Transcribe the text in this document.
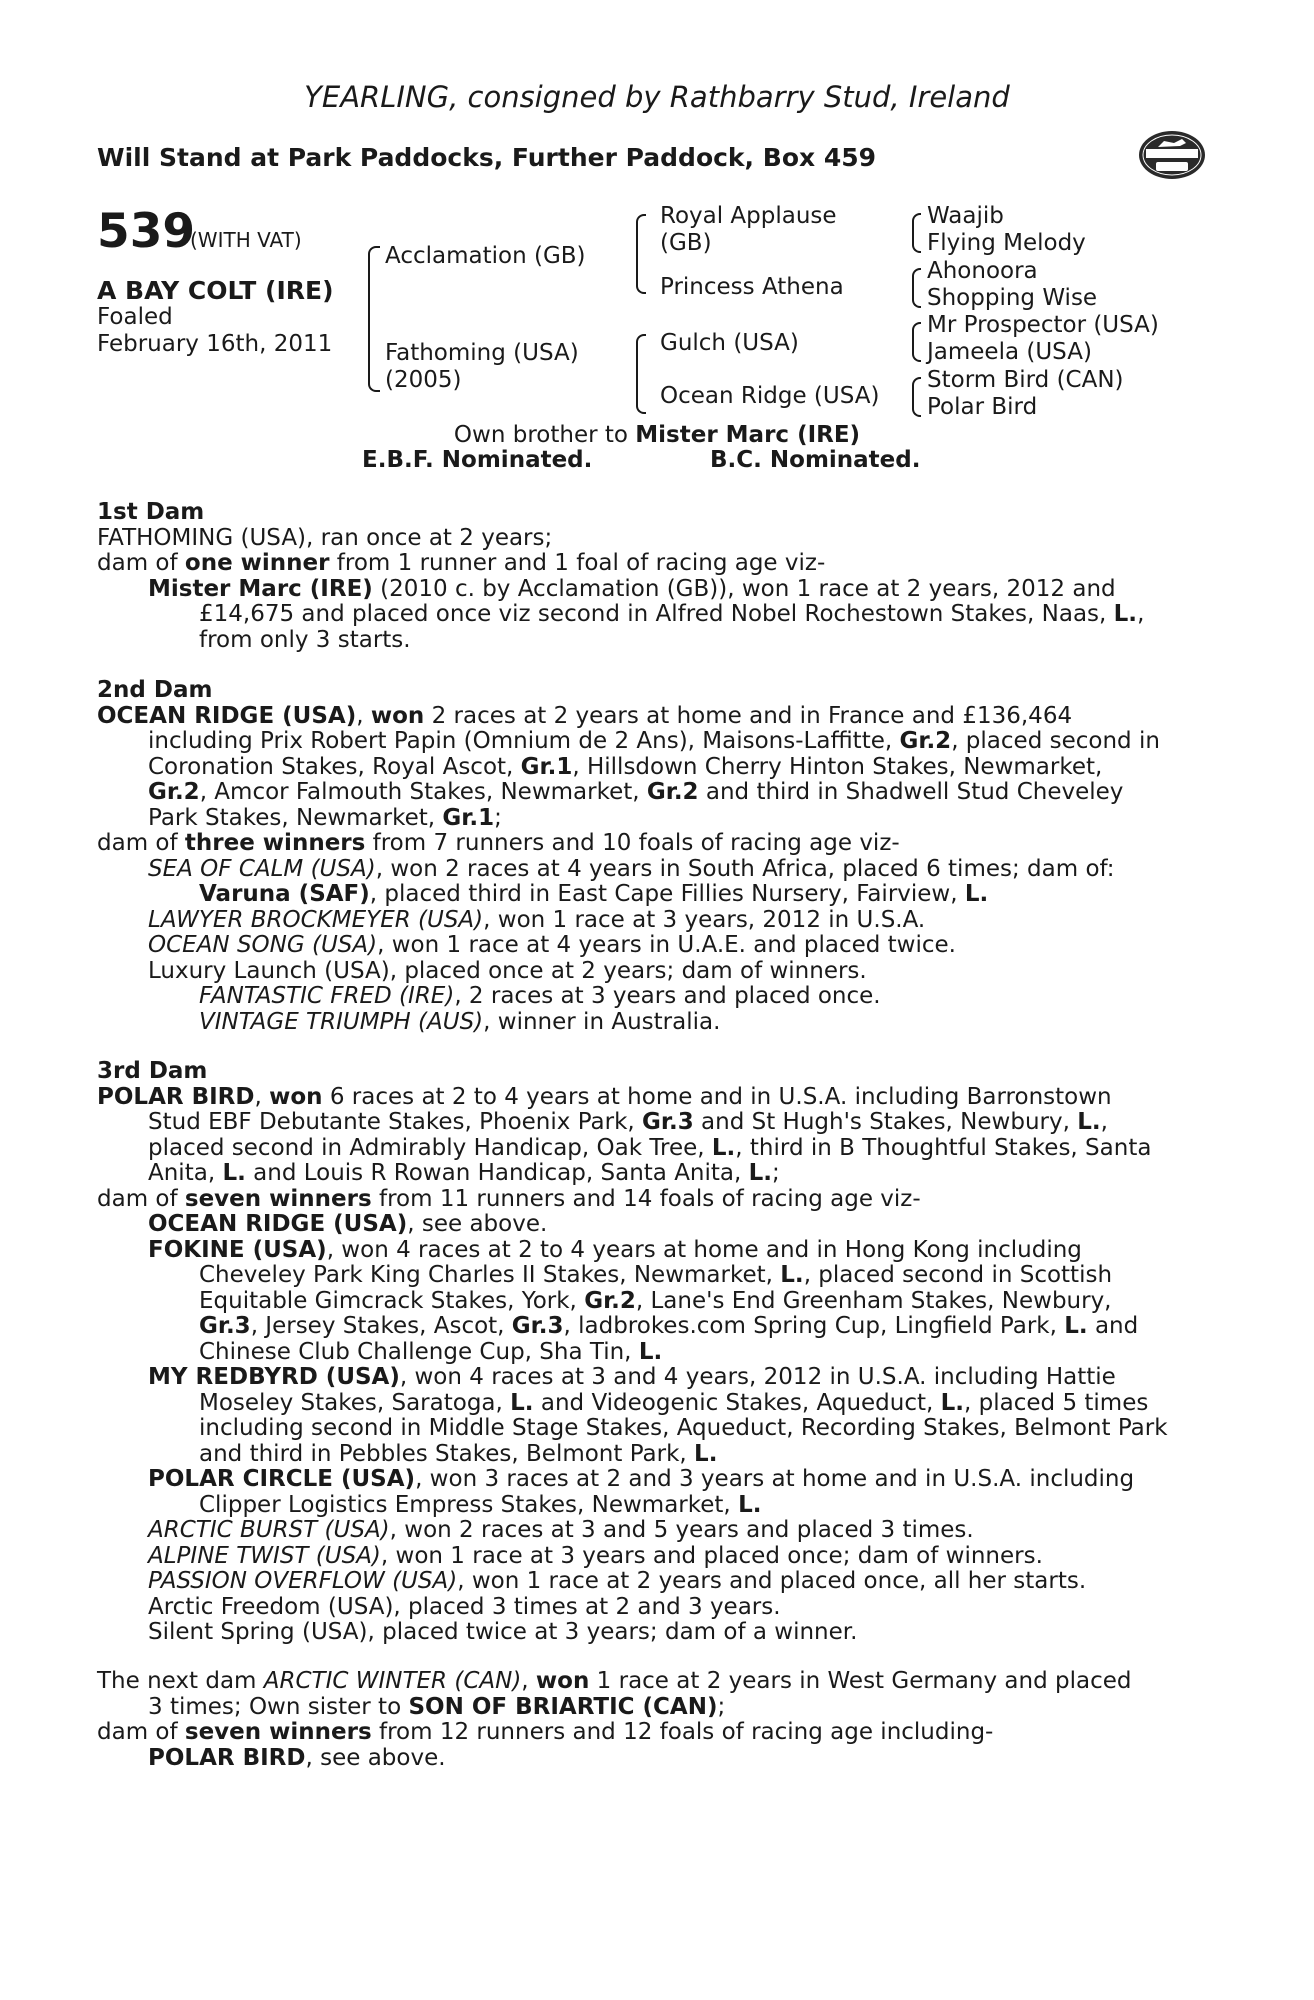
YEARLING, consigned by Rathbarry Stud, Ireland
Will Stand at Park Paddocks, Further Paddock, Box 459
539
(WITH VAT)
A BAY COLT (IRE)
Foaled
February 16th, 2011
Acclamation (GB)
Fathoming (USA)
(2005)
Royal Applause
(GB)
Princess Athena
Gulch (USA)
Ocean Ridge (USA)
Waajib
Flying Melody
Ahonoora
Shopping Wise
Mr Prospector (USA)
Jameela (USA)
Storm Bird (CAN)
Polar Bird
Own brother to Mister Marc (IRE)
E.B.F. Nominated.	B.C. Nominated.
1st Dam
FATHOMING (USA), ran once at 2 years;
dam of one winner from 1 runner and 1 foal of racing age viz-
Mister Marc (IRE) (2010 c. by Acclamation (GB)), won 1 race at 2 years, 2012 and
£14,675 and placed once viz second in Alfred Nobel Rochestown Stakes, Naas, L.,
from only 3 starts.
2nd Dam
OCEAN RIDGE (USA), won 2 races at 2 years at home and in France and £136,464
including Prix Robert Papin (Omnium de 2 Ans), Maisons-Laffitte, Gr.2, placed second in
Coronation Stakes, Royal Ascot, Gr.1, Hillsdown Cherry Hinton Stakes, Newmarket,
Gr.2, Amcor Falmouth Stakes, Newmarket, Gr.2 and third in Shadwell Stud Cheveley
Park Stakes, Newmarket, Gr.1;
dam of three winners from 7 runners and 10 foals of racing age viz-
SEA OF CALM (USA), won 2 races at 4 years in South Africa, placed 6 times; dam of:
Varuna (SAF), placed third in East Cape Fillies Nursery, Fairview, L.
LAWYER BROCKMEYER (USA), won 1 race at 3 years, 2012 in U.S.A.
OCEAN SONG (USA), won 1 race at 4 years in U.A.E. and placed twice.
Luxury Launch (USA), placed once at 2 years; dam of winners.
FANTASTIC FRED (IRE), 2 races at 3 years and placed once.
VINTAGE TRIUMPH (AUS), winner in Australia.
3rd Dam
POLAR BIRD, won 6 races at 2 to 4 years at home and in U.S.A. including Barronstown
Stud EBF Debutante Stakes, Phoenix Park, Gr.3 and St Hugh's Stakes, Newbury, L.,
placed second in Admirably Handicap, Oak Tree, L., third in B Thoughtful Stakes, Santa
Anita, L. and Louis R Rowan Handicap, Santa Anita, L.;
dam of seven winners from 11 runners and 14 foals of racing age viz-
OCEAN RIDGE (USA), see above.
FOKINE (USA), won 4 races at 2 to 4 years at home and in Hong Kong including
Cheveley Park King Charles II Stakes, Newmarket, L., placed second in Scottish
Equitable Gimcrack Stakes, York, Gr.2, Lane's End Greenham Stakes, Newbury,
Gr.3, Jersey Stakes, Ascot, Gr.3, ladbrokes.com Spring Cup, Lingfield Park, L. and
Chinese Club Challenge Cup, Sha Tin, L.
MY REDBYRD (USA), won 4 races at 3 and 4 years, 2012 in U.S.A. including Hattie
Moseley Stakes, Saratoga, L. and Videogenic Stakes, Aqueduct, L., placed 5 times
including second in Middle Stage Stakes, Aqueduct, Recording Stakes, Belmont Park
and third in Pebbles Stakes, Belmont Park, L.
POLAR CIRCLE (USA), won 3 races at 2 and 3 years at home and in U.S.A. including
Clipper Logistics Empress Stakes, Newmarket, L.
ARCTIC BURST (USA), won 2 races at 3 and 5 years and placed 3 times.
ALPINE TWIST (USA), won 1 race at 3 years and placed once; dam of winners.
PASSION OVERFLOW (USA), won 1 race at 2 years and placed once, all her starts.
Arctic Freedom (USA), placed 3 times at 2 and 3 years.
Silent Spring (USA), placed twice at 3 years; dam of a winner.
The next dam ARCTIC WINTER (CAN), won 1 race at 2 years in West Germany and placed
3 times; Own sister to SON OF BRIARTIC (CAN);
dam of seven winners from 12 runners and 12 foals of racing age including-
POLAR BIRD, see above.
